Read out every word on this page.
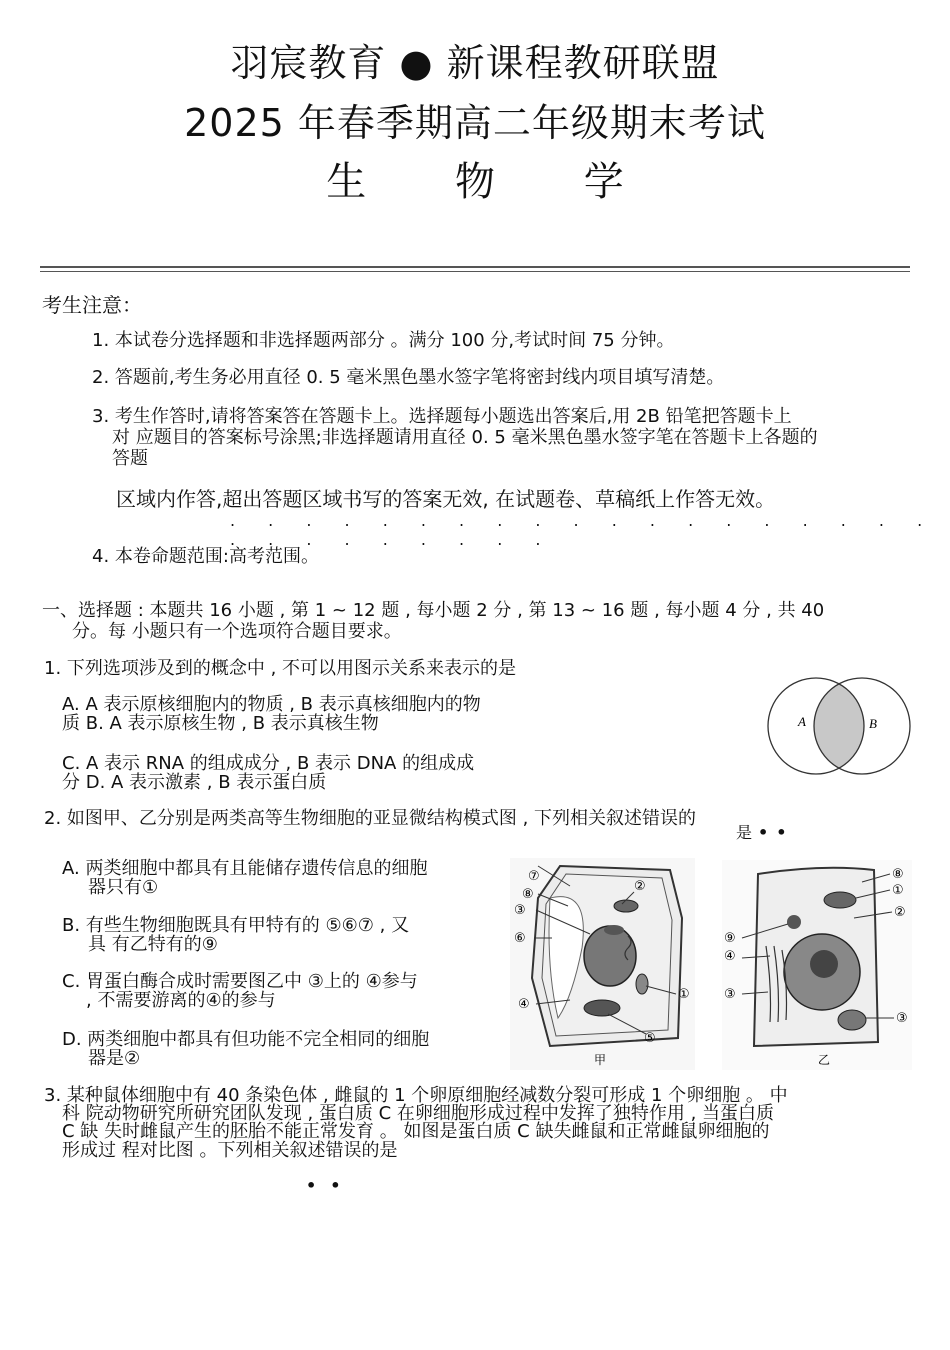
羽宸教育 ● 新课程教研联盟
2025 年春季期高二年级期末考试
生 物 学
考生注意：
1. 本试卷分选择题和非选择题两部分 。满分 100 分,考试时间 75 分钟。
2. 答题前,考生务必用直径 0. 5 毫米黑色墨水签字笔将密封线内项目填写清楚。
3. 考生作答时,请将答案答在答题卡上。选择题每小题选出答案后,用 2B 铅笔把答题卡上
对 应题目的答案标号涂黑;非选择题请用直径 0. 5 毫米黑色墨水签字笔在答题卡上各题的
答题
区域内作答,超出答题区域书写的答案无效, 在试题卷、草稿纸上作答无效。
. . . . . . . . . . . . . . . . . . . . . . . . . . . .
4. 本卷命题范围:高考范围。
一、选择题 : 本题共 16 小题 , 第 1 ~ 12 题 , 每小题 2 分 , 第 13 ~ 16 题 , 每小题 4 分 , 共 40
分。每 小题只有一个选项符合题目要求。
1. 下列选项涉及到的概念中 , 不可以用图示关系来表示的是
A. A 表示原核细胞内的物质 , B 表示真核细胞内的物
质 B. A 表示原核生物 , B 表示真核生物
C. A 表示 RNA 的组成成分 , B 表示 DNA 的组成成
分 D. A 表示激素 , B 表示蛋白质
A	B
2. 如图甲、乙分别是两类高等生物细胞的亚显微结构模式图 , 下列相关叙述错误的
是 ••
A. 两类细胞中都具有且能储存遗传信息的细胞
器只有①
B. 有些生物细胞既具有甲特有的 ⑤⑥⑦ , 又
具 有乙特有的⑨
C. 胃蛋白酶合成时需要图乙中 ③上的 ④参与
, 不需要游离的④的参与
D. 两类细胞中都具有但功能不完全相同的细胞
器是②
⑦
⑧
③
⑥
④
②
①
⑤
甲
⑧
①
②
⑨
④
③
③
乙
3. 某种鼠体细胞中有 40 条染色体 , 雌鼠的 1 个卵原细胞经减数分裂可形成 1 个卵细胞 。 中
科 院动物研究所研究团队发现 , 蛋白质 C 在卵细胞形成过程中发挥了独特作用 , 当蛋白质
C 缺 失时雌鼠产生的胚胎不能正常发育 。 如图是蛋白质 C 缺失雌鼠和正常雌鼠卵细胞的
形成过 程对比图 。下列相关叙述错误的是
••
